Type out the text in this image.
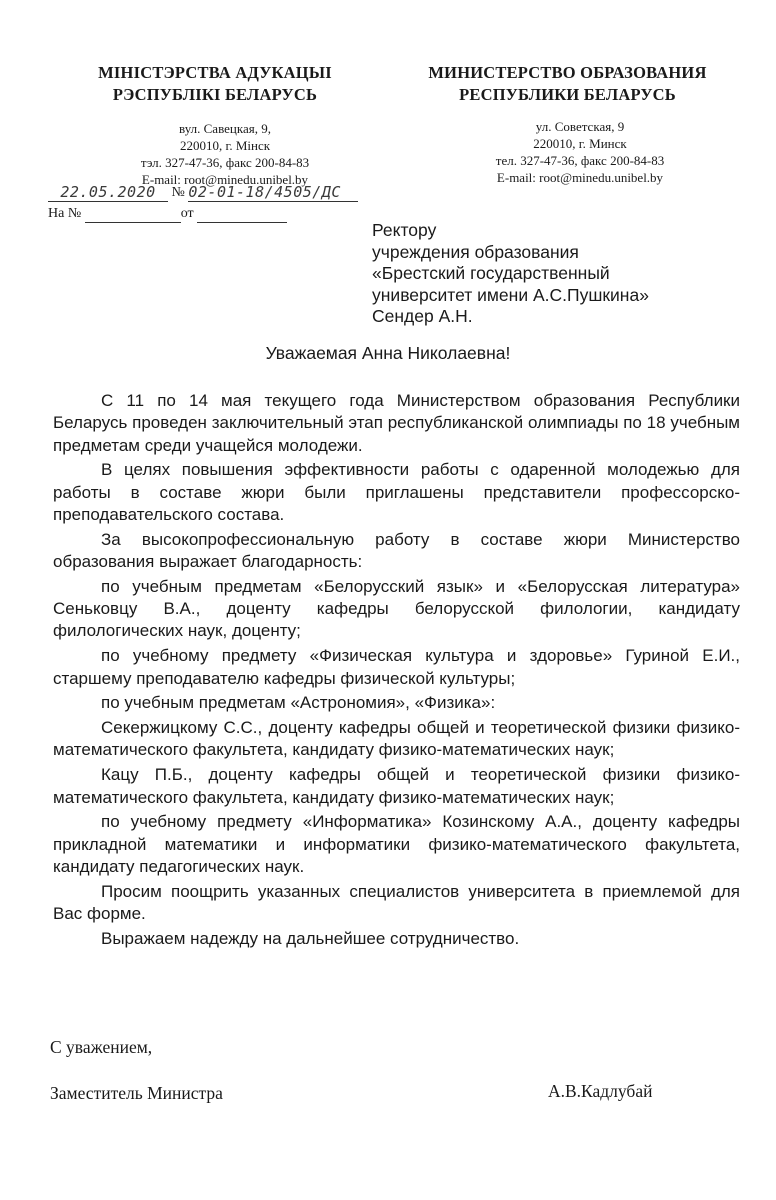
МІНІСТЭРСТВА АДУКАЦЫІ
РЭСПУБЛІКІ БЕЛАРУСЬ
МИНИСТЕРСТВО ОБРАЗОВАНИЯ
РЕСПУБЛИКИ БЕЛАРУСЬ
вул. Савецкая, 9,
220010, г. Мінск
тэл. 327-47-36, факс 200-84-83
E-mail: root@minedu.unibel.by
ул. Советская, 9
220010, г. Минск
тел. 327-47-36, факс 200-84-83
E-mail: root@minedu.unibel.by
22.05.2020 № 02-01-18/4505/ДС
На №	от
Ректору
учреждения образования
«Брестский государственный
университет имени А.С.Пушкина»
Сендер А.Н.
Уважаемая Анна Николаевна!

С 11 по 14 мая текущего года Министерством образования Республики Беларусь проведен заключительный этап республиканской олимпиады по 18 учебным предметам среди учащейся молодежи.

В целях повышения эффективности работы с одаренной молодежью для работы в составе жюри были приглашены представители профессорско-преподавательского состава.

За высокопрофессиональную работу в составе жюри Министерство образования выражает благодарность:

по учебным предметам «Белорусский язык» и «Белорусская литература» Сеньковцу В.А., доценту кафедры белорусской филологии, кандидату филологических наук, доценту;

по учебному предмету «Физическая культура и здоровье» Гуриной Е.И., старшему преподавателю кафедры физической культуры;

по учебным предметам «Астрономия», «Физика»:

Секержицкому С.С., доценту кафедры общей и теоретической физики физико-математического факультета, кандидату физико-математических наук;

Кацу П.Б., доценту кафедры общей и теоретической физики физико-математического факультета, кандидату физико-математических наук;

по учебному предмету «Информатика» Козинскому А.А., доценту кафедры прикладной математики и информатики физико-математического факультета, кандидату педагогических наук.

Просим поощрить указанных специалистов университета в приемлемой для Вас форме.

Выражаем надежду на дальнейшее сотрудничество.

С уважением,
Заместитель Министра	А.В.Кадлубай
